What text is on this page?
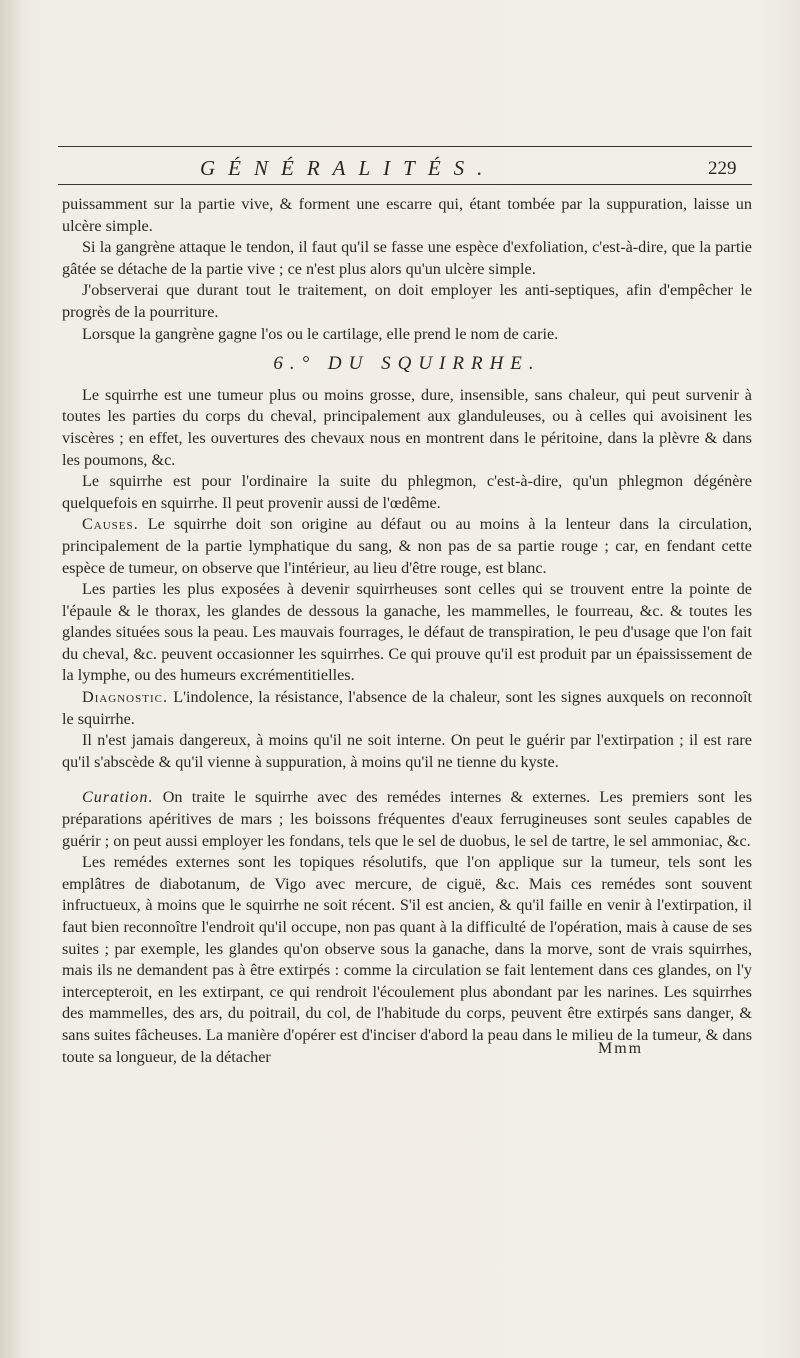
GÉNÉRALITÉS.	229

puissamment sur la partie vive, & forment une escarre qui, étant tombée par la suppuration, laisse un ulcère simple.

Si la gangrène attaque le tendon, il faut qu'il se fasse une espèce d'exfoliation, c'est-à-dire, que la partie gâtée se détache de la partie vive ; ce n'est plus alors qu'un ulcère simple.

J'observerai que durant tout le traitement, on doit employer les anti-septiques, afin d'empêcher le progrès de la pourriture.

Lorsque la gangrène gagne l'os ou le cartilage, elle prend le nom de carie.

6.° DU SQUIRRHE.

Le squirrhe est une tumeur plus ou moins grosse, dure, insensible, sans chaleur, qui peut survenir à toutes les parties du corps du cheval, principalement aux glanduleuses, ou à celles qui avoisinent les viscères ; en effet, les ouvertures des chevaux nous en montrent dans le péritoine, dans la plèvre & dans les poumons, &c.

Le squirrhe est pour l'ordinaire la suite du phlegmon, c'est-à-dire, qu'un phlegmon dégénère quelquefois en squirrhe. Il peut provenir aussi de l'œdême.

Causes. Le squirrhe doit son origine au défaut ou au moins à la lenteur dans la circulation, principalement de la partie lymphatique du sang, & non pas de sa partie rouge ; car, en fendant cette espèce de tumeur, on observe que l'intérieur, au lieu d'être rouge, est blanc.

Les parties les plus exposées à devenir squirrheuses sont celles qui se trouvent entre la pointe de l'épaule & le thorax, les glandes de dessous la ganache, les mammelles, le fourreau, &c. & toutes les glandes situées sous la peau. Les mauvais fourrages, le défaut de transpiration, le peu d'usage que l'on fait du cheval, &c. peuvent occasionner les squirrhes. Ce qui prouve qu'il est produit par un épaississement de la lymphe, ou des humeurs excrémentitielles.

Diagnostic. L'indolence, la résistance, l'absence de la chaleur, sont les signes auxquels on reconnoît le squirrhe.

Il n'est jamais dangereux, à moins qu'il ne soit interne. On peut le guérir par l'extirpation ; il est rare qu'il s'abscède & qu'il vienne à suppuration, à moins qu'il ne tienne du kyste.

Curation. On traite le squirrhe avec des remédes internes & externes. Les premiers sont les préparations apéritives de mars ; les boissons fréquentes d'eaux ferrugineuses sont seules capables de guérir ; on peut aussi employer les fondans, tels que le sel de duobus, le sel de tartre, le sel ammoniac, &c.

Les remédes externes sont les topiques résolutifs, que l'on applique sur la tumeur, tels sont les emplâtres de diabotanum, de Vigo avec mercure, de ciguë, &c. Mais ces remédes sont souvent infructueux, à moins que le squirrhe ne soit récent. S'il est ancien, & qu'il faille en venir à l'extirpation, il faut bien reconnoître l'endroit qu'il occupe, non pas quant à la difficulté de l'opération, mais à cause de ses suites ; par exemple, les glandes qu'on observe sous la ganache, dans la morve, sont de vrais squirrhes, mais ils ne demandent pas à être extirpés : comme la circulation se fait lentement dans ces glandes, on l'y intercepteroit, en les extirpant, ce qui rendroit l'écoulement plus abondant par les narines. Les squirrhes des mammelles, des ars, du poitrail, du col, de l'habitude du corps, peuvent être extirpés sans danger, & sans suites fâcheuses. La manière d'opérer est d'inciser d'abord la peau dans le milieu de la tumeur, & dans toute sa longueur, de la détacher	Mmm
